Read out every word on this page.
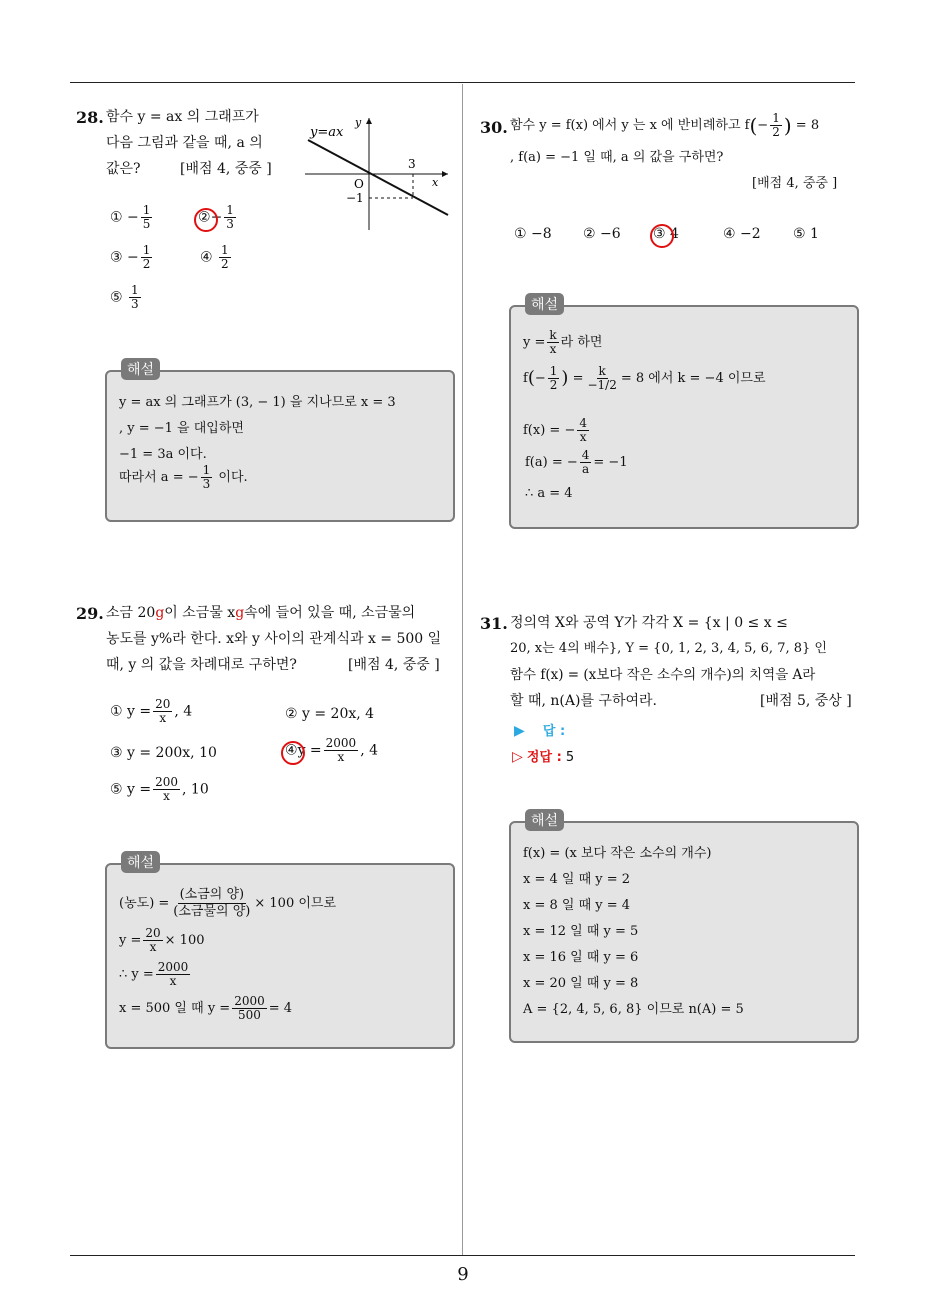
28. 함수 y = ax 의 그래프가
다음 그림과 같을 때, a 의
값은?	[배점 4, 중중 ]
y=ax
y
x
O
3
−1
① − $\frac{1}{5}$	②− $\frac{1}{3}$
③ − $\frac{1}{2}$	④ $\frac{1}{2}$
⑤ $\frac{1}{3}$
해설
y = ax 의 그래프가 (3, − 1) 을 지나므로 x = 3
, y = −1 을 대입하면
−1 = 3a 이다.
따라서 a = − $\frac{1}{3}$ 이다.
29. 소금 20g이 소금물 xg속에 들어 있을 때, 소금물의
농도를 y%라 한다. x와 y 사이의 관계식과 x = 500 일
때, y 의 값을 차례대로 구하면?	[배점 4, 중중 ]
① $y = \frac{20}{x}$ , 4	② y = 20x, 4
③ y = 200x, 10	④y = $\frac{2000}{x}$ , 4
⑤ $y = \frac{200}{x}$ , 10
해설
(농도) = $\frac{\text{(소금의 양)}}{\text{(소금물의 양)}} \times 100$ 이므로
$y = \frac{20}{x} \times 100$
∴ $y = \frac{2000}{x}$
x = 500 일 때 $y = \frac{2000}{500} = 4$
30. 함수 y = f(x) 에서 y 는 x 에 반비례하고 $f(- \frac{1}{2}$ ) = 8
, f(a) = −1 일 때, a 의 값을 구하면?
[배점 4, 중중 ]
① −8 ② −6 ③ 4	④ −2 ⑤ 1
해설
$y = \frac{k}{x}$ 라 하면
$f(- \frac{1}{2}$ ) = $\frac{k}{-1/2} = 8$ 에서 k = −4 이므로
f(x) = − $\frac{4}{x}$
f(a) = − $\frac{4}{a} = -1$
∴ a = 4
31. 정의역 X와 공역 Y가 각각 X = {x | 0 ≤ x ≤
20, x는 4의 배수}, Y = {0, 1, 2, 3, 4, 5, 6, 7, 8} 인
함수 f(x) = (x보다 작은 소수의 개수)의 치역을 A라
할 때, n(A)를 구하여라.	[배점 5, 중상 ]
▶ 답 :
▷ 정답 : 5
해설
f(x) = (x 보다 작은 소수의 개수)
x = 4 일 때 y = 2
x = 8 일 때 y = 4
x = 12 일 때 y = 5
x = 16 일 때 y = 6
x = 20 일 때 y = 8
A = {2, 4, 5, 6, 8} 이므로 n(A) = 5
9
